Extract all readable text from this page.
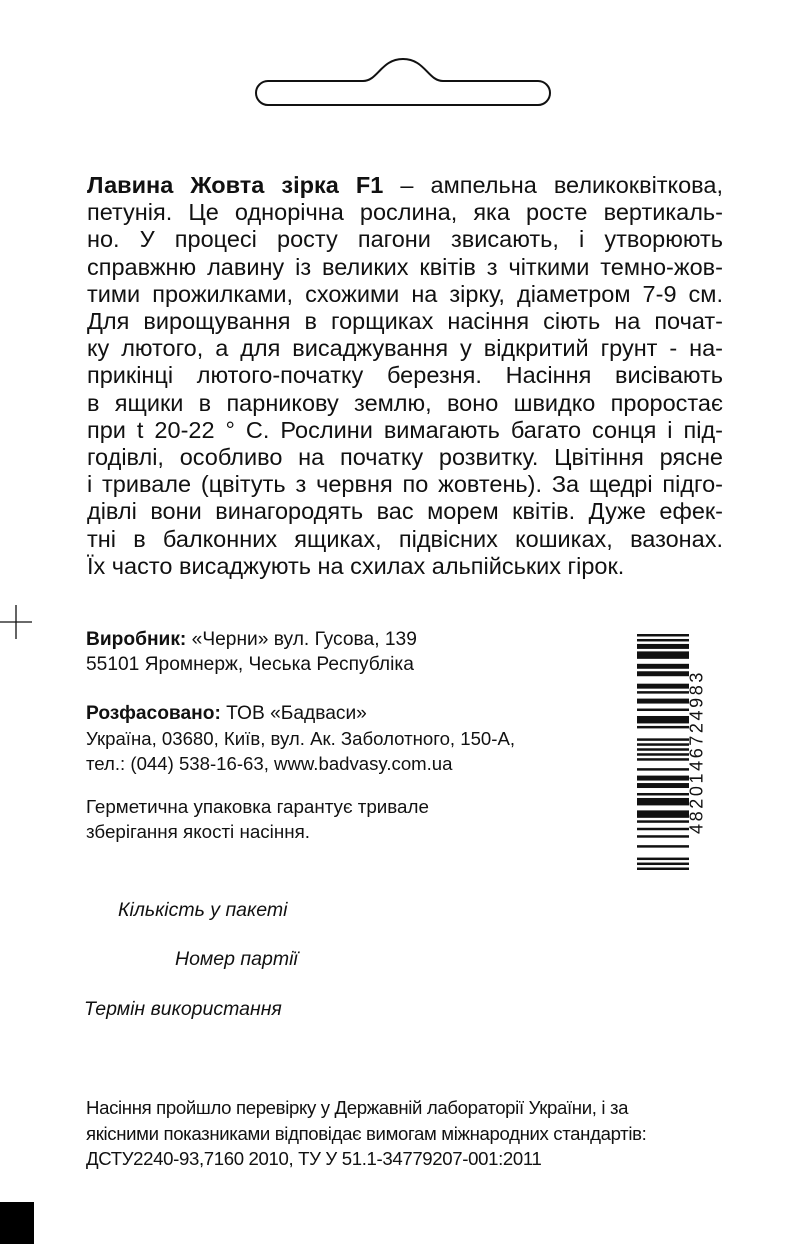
Лавина Жовта зірка F1 – ампельна великоквіткова,
петунія. Це однорічна рослина, яка росте вертикаль-
но. У процесі росту пагони звисають, і утворюють
справжню лавину із великих квітів з чіткими темно-жов-
тими прожилками, схожими на зірку, діаметром 7-9 см.
Для вирощування в горщиках насіння сіють на почат-
ку лютого, а для висаджування у відкритий грунт - на-
прикінці лютого-початку березня. Насіння висівають
в ящики в парникову землю, воно швидко проростає
при t 20-22 ° С. Рослини вимагають багато сонця і під-
годівлі, особливо на початку розвитку. Цвітіння рясне
і тривале (цвітуть з червня по жовтень). За щедрі підго-
дівлі вони винагородять вас морем квітів. Дуже ефек-
тні в балконних ящиках, підвісних кошиках, вазонах.
Їх часто висаджують на схилах альпійських гірок.
Виробник: «Черни» вул. Гусова, 139
55101 Яромнерж, Чеська Республіка
Розфасовано: ТОВ «Бадваси»
Україна, 03680, Київ, вул. Ак. Заболотного, 150-А,
тел.: (044) 538-16-63, www.badvasy.com.ua
Герметична упаковка гарантує тривале
зберігання якості насіння.
Кількість у пакеті
Номер партії
Термін використання
Насіння пройшло перевірку у Державній лабораторії України, і за
якісними показниками відповідає вимогам міжнародних стандартів:
ДСТУ2240-93,7160 2010, ТУ У 51.1-34779207-001:2011
4820146724983
